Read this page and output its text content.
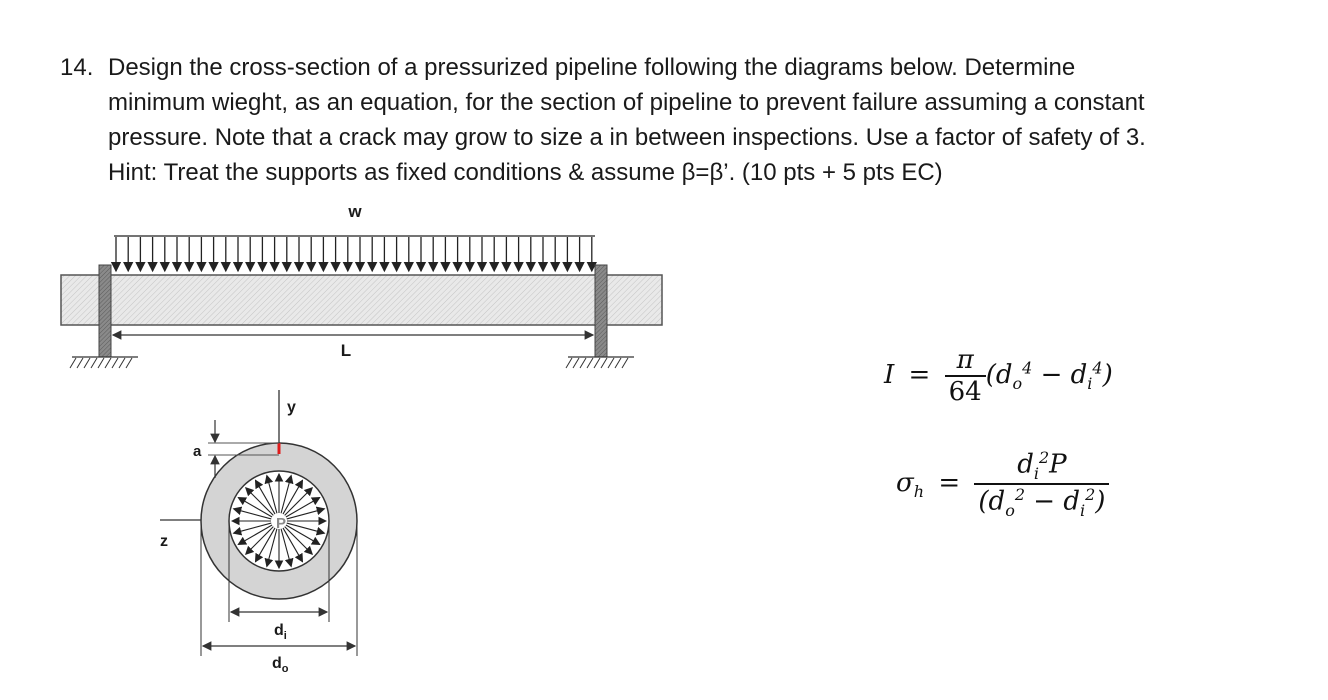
14. Design the cross-section of a pressurized pipeline following the diagrams below. Determine
minimum wieght, as an equation, for the section of pipeline to prevent failure assuming a constant
pressure. Note that a crack may grow to size a in between inspections. Use a factor of safety of 3.
Hint: Treat the supports as fixed conditions & assume β=β’. (10 pts + 5 pts EC)
w
L
y
z
P
a
$d_i$
$d_o$
$I = \frac{\pi}{64} (d_o^4 - d_i^4)$
$\sigma_h = \frac{d_i^2P}{(d_o^2 - d_i^2)}$
